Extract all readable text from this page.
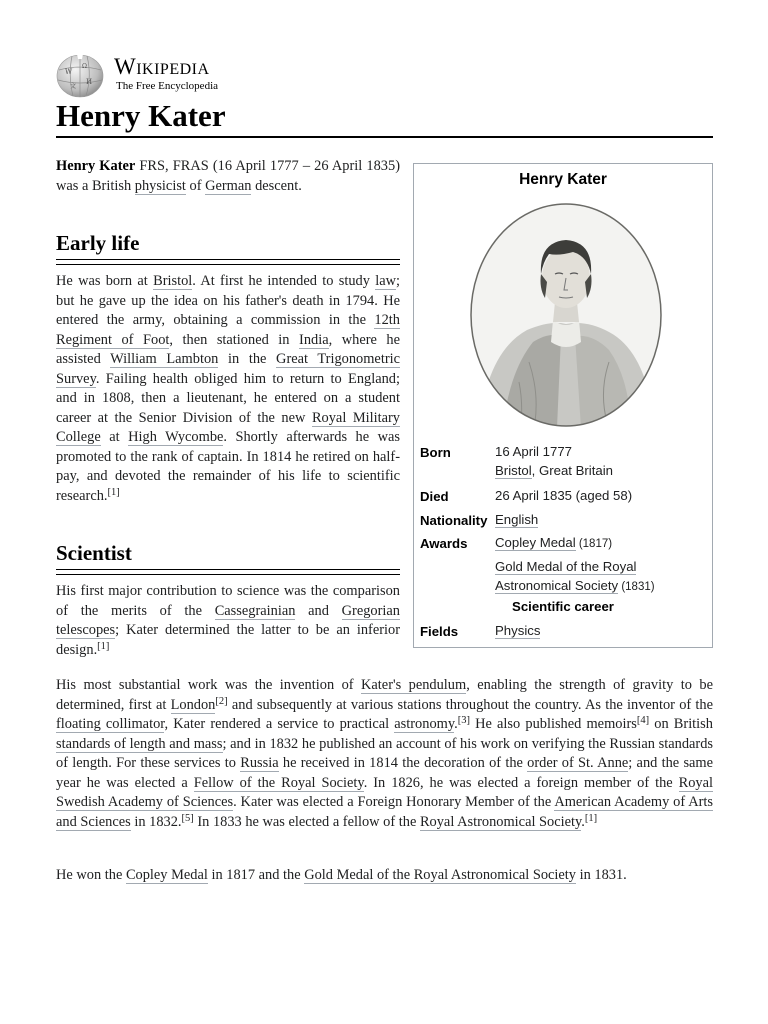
W
Ω
И
文
Wikipedia
The Free Encyclopedia
Henry Kater

Henry Kater FRS, FRAS (16 April 1777 – 26 April 1835) was a British physicist of German descent.

Early life

He was born at Bristol. At first he intended to study law; but he gave up the idea on his father's death in 1794. He entered the army, obtaining a commission in the 12th Regiment of Foot, then stationed in India, where he assisted William Lambton in the Great Trigonometric Survey. Failing health obliged him to return to England; and in 1808, then a lieutenant, he entered on a student career at the Senior Division of the new Royal Military College at High Wycombe. Shortly afterwards he was promoted to the rank of captain. In 1814 he retired on half-pay, and devoted the remainder of his life to scientific research.[1]

Scientist

His first major contribution to science was the comparison of the merits of the Cassegrainian and Gregorian telescopes; Kater determined the latter to be an inferior design.[1]

His most substantial work was the invention of Kater's pendulum, enabling the strength of gravity to be determined, first at London[2] and subsequently at various stations throughout the country. As the inventor of the floating collimator, Kater rendered a service to practical astronomy.[3] He also published memoirs[4] on British standards of length and mass; and in 1832 he published an account of his work on verifying the Russian standards of length. For these services to Russia he received in 1814 the decoration of the order of St. Anne; and the same year he was elected a Fellow of the Royal Society. In 1826, he was elected a foreign member of the Royal Swedish Academy of Sciences. Kater was elected a Foreign Honorary Member of the American Academy of Arts and Sciences in 1832.[5] In 1833 he was elected a fellow of the Royal Astronomical Society.[1]

He won the Copley Medal in 1817 and the Gold Medal of the Royal Astronomical Society in 1831.

Henry Kater
Born	16 April 1777
Bristol, Great Britain
Died	26 April 1835 (aged 58)
Nationality English
Awards Copley Medal (1817)
Gold Medal of the Royal Astronomical Society (1831)
Scientific career
Fields	Physics
